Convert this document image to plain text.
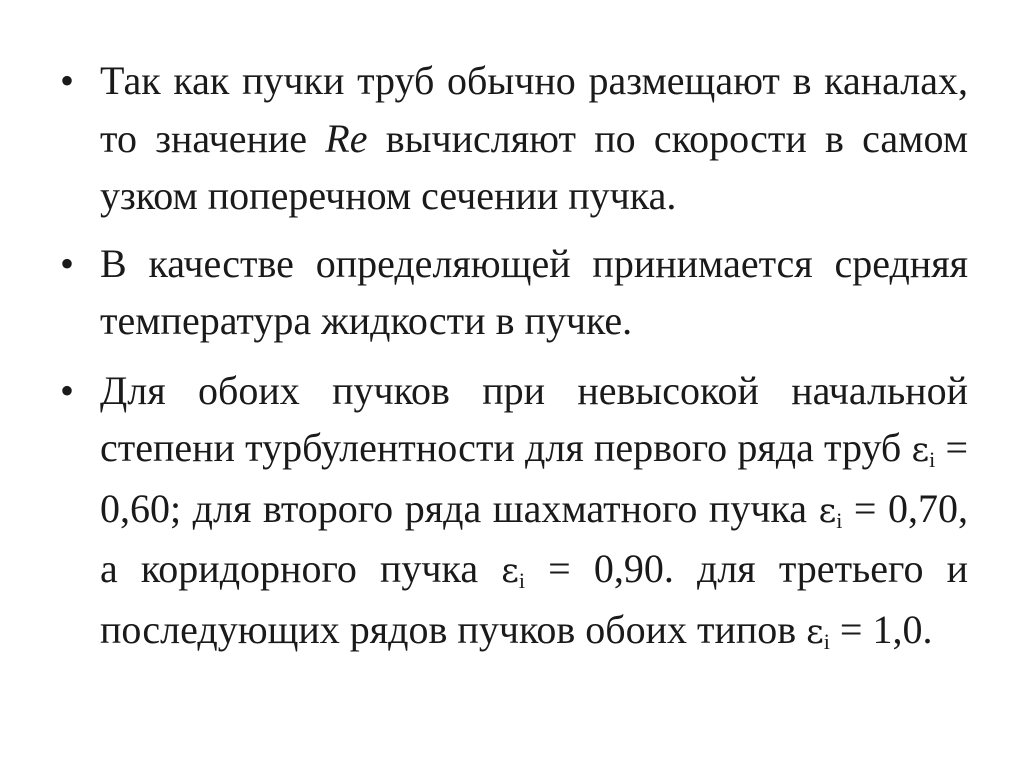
• Так как пучки труб обычно размещают в каналах, то значение Re вычисляют по скорости в самом узком поперечном сечении пучка.
• В качестве определяющей принимается средняя температура жидкости в пучке.
• Для обоих пучков при невысокой начальной степени турбулентности для первого ряда труб $\varepsilon_i = 0,60$; для второго ряда шахматного пучка $\varepsilon_i = 0,70$, а коридорного пучка $\varepsilon_i = 0,90$. для третьего и последующих рядов пучков обоих типов $\varepsilon_i = 1,0$.
